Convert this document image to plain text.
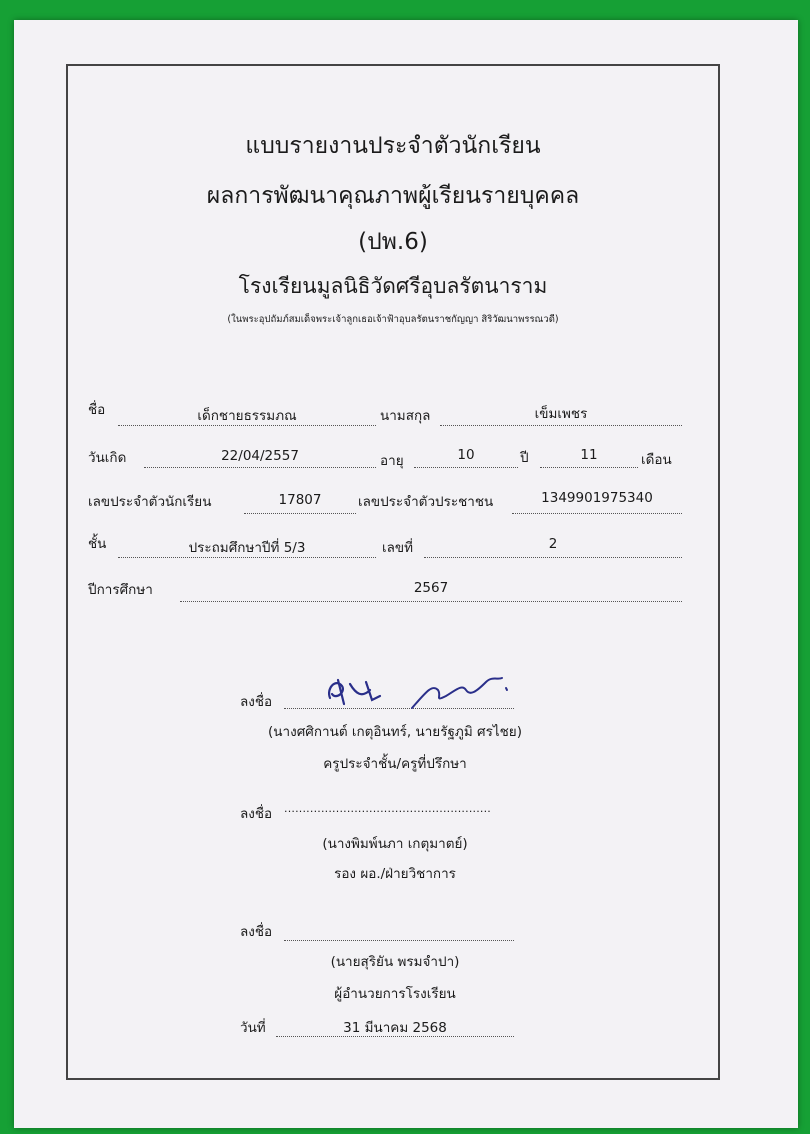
แบบรายงานประจำตัวนักเรียน
ผลการพัฒนาคุณภาพผู้เรียนรายบุคคล
(ปพ.6)
โรงเรียนมูลนิธิวัดศรีอุบลรัตนาราม
(ในพระอุปถัมภ์สมเด็จพระเจ้าลูกเธอเจ้าฟ้าอุบลรัตนราชกัญญา สิริวัฒนาพรรณวดี)
ชื่อ	เด็กชายธรรมภณ	นามสกุล	เข็มเพชร
วันเกิด	22/04/2557	อายุ	10	ปี	11	เดือน
เลขประจำตัวนักเรียน	17807	เลขประจำตัวประชาชน	1349901975340
ชั้น	ประถมศึกษาปีที่ 5/3	เลขที่	2
ปีการศึกษา	2567
ลงชื่อ
(นางศศิกานต์ เกตุอินทร์, นายรัฐภูมิ ศรไชย)
ครูประจำชั้น/ครูที่ปรึกษา
ลงชื่อ ........................................................
(นางพิมพ์นภา เกตุมาตย์)
รอง ผอ./ฝ่ายวิชาการ
ลงชื่อ
(นายสุริยัน พรมจำปา)
ผู้อำนวยการโรงเรียน
วันที่	31 มีนาคม 2568
